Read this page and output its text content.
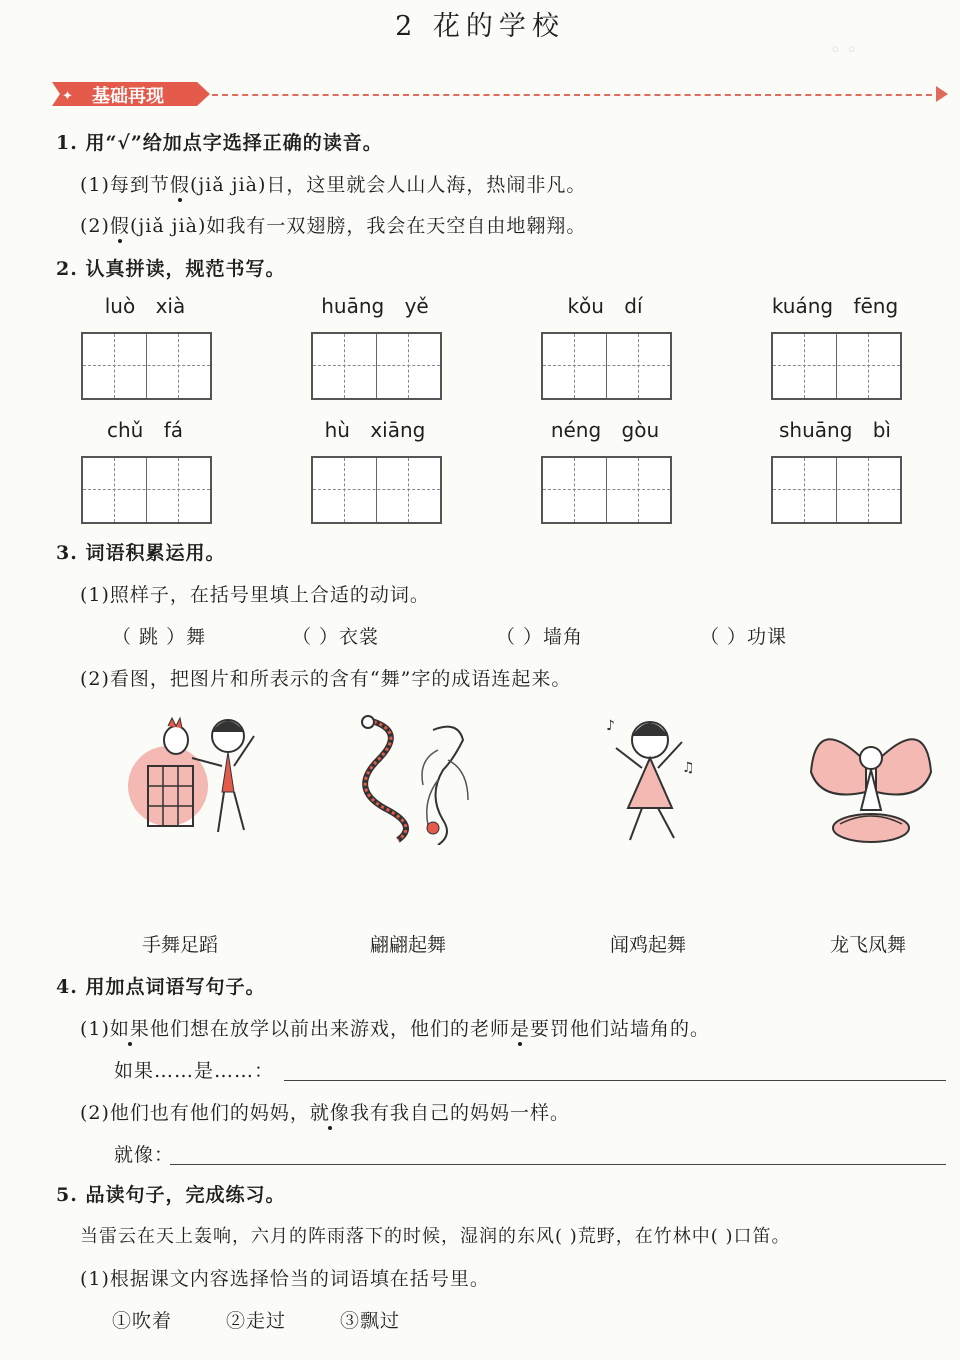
2 花的学校
◦ ◦
✦ 基础再现
1. 用“√”给加点字选择正确的读音。
(1)每到节假(jiǎ jià)日，这里就会人山人海，热闹非凡。
(2)假(jiǎ jià)如我有一双翅膀，我会在天空自由地翱翔。
2. 认真拼读，规范书写。
luò xià	huāng yě	kǒu dí	kuáng fēng
chǔ fá	hù xiāng	néng gòu	shuāng bì
3. 词语积累运用。
(1)照样子，在括号里填上合适的动词。
（ 跳 ）舞	（ ）衣裳	（ ）墙角	（ ）功课
(2)看图，把图片和所表示的含有“舞”字的成语连起来。
♪
♫
手舞足蹈	翩翩起舞	闻鸡起舞	龙飞凤舞
4. 用加点词语写句子。
(1)如果他们想在放学以前出来游戏，他们的老师是要罚他们站墙角的。
如果……是……：
(2)他们也有他们的妈妈，就像我有我自己的妈妈一样。
就像：
5. 品读句子，完成练习。
当雷云在天上轰响，六月的阵雨落下的时候，湿润的东风( )荒野，在竹林中( )口笛。
(1)根据课文内容选择恰当的词语填在括号里。
①吹着	②走过	③飘过
